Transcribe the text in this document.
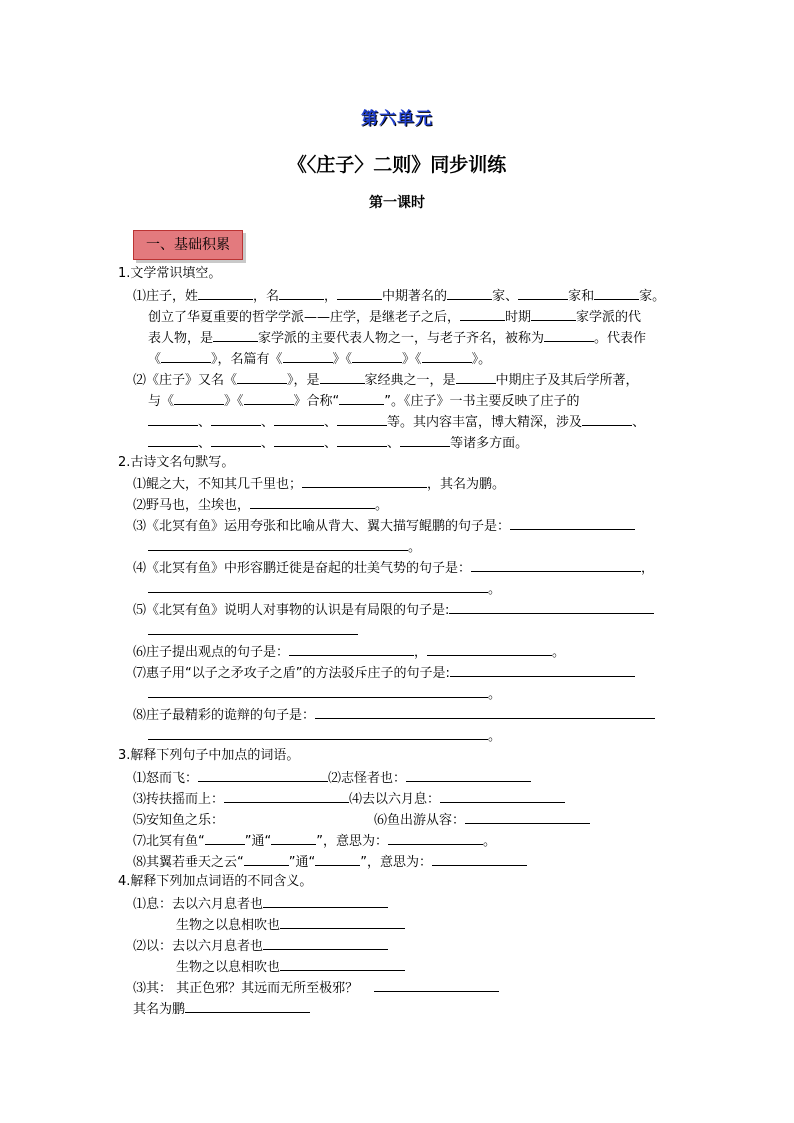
第六单元
《〈庄子〉二则》同步训练
第一课时
一、基础积累
1.文学常识填空。
⑴庄子，姓	，名	，	中期著名的	家、	家和	家。
创立了华夏重要的哲学学派——庄学，是继老子之后，	时期	家学派的代
表人物，是	家学派的主要代表人物之一，与老子齐名，被称为	。代表作
《	》，名篇有《	》《	》《	》。
⑵《庄子》又名《	》，是	家经典之一，是	中期庄子及其后学所著，
与《	》《	》合称“	”。《庄子》一书主要反映了庄子的
、	、	、	等。其内容丰富，博大精深，涉及	、
、	、	、	、	等诸多方面。
2.古诗文名句默写。
⑴鲲之大，不知其几千里也；	，其名为鹏。
⑵野马也，尘埃也，	。
⑶《北冥有鱼》运用夸张和比喻从背大、翼大描写鲲鹏的句子是：
。
⑷《北冥有鱼》中形容鹏迁徙是奋起的壮美气势的句子是：	，
。
⑸《北冥有鱼》说明人对事物的认识是有局限的句子是:
⑹庄子提出观点的句子是：	，	。
⑺惠子用“以子之矛攻子之盾”的方法驳斥庄子的句子是:
。
⑻庄子最精彩的诡辩的句子是：
。
3.解释下列句子中加点的词语。
⑴怒而飞：	⑵志怪者也：
⑶抟扶摇而上：	⑷去以六月息：
⑸安知鱼之乐：	⑹鱼出游从容：
⑺北冥有鱼“	”通“	”，意思为：	。
⑻其翼若垂天之云“	”通“	”，意思为：
4.解释下列加点词语的不同含义。
⑴息：去以六月息者也
生物之以息相吹也
⑵以：去以六月息者也
生物之以息相吹也
⑶其： 其正色邪？其远而无所至极邪？
其名为鹏
